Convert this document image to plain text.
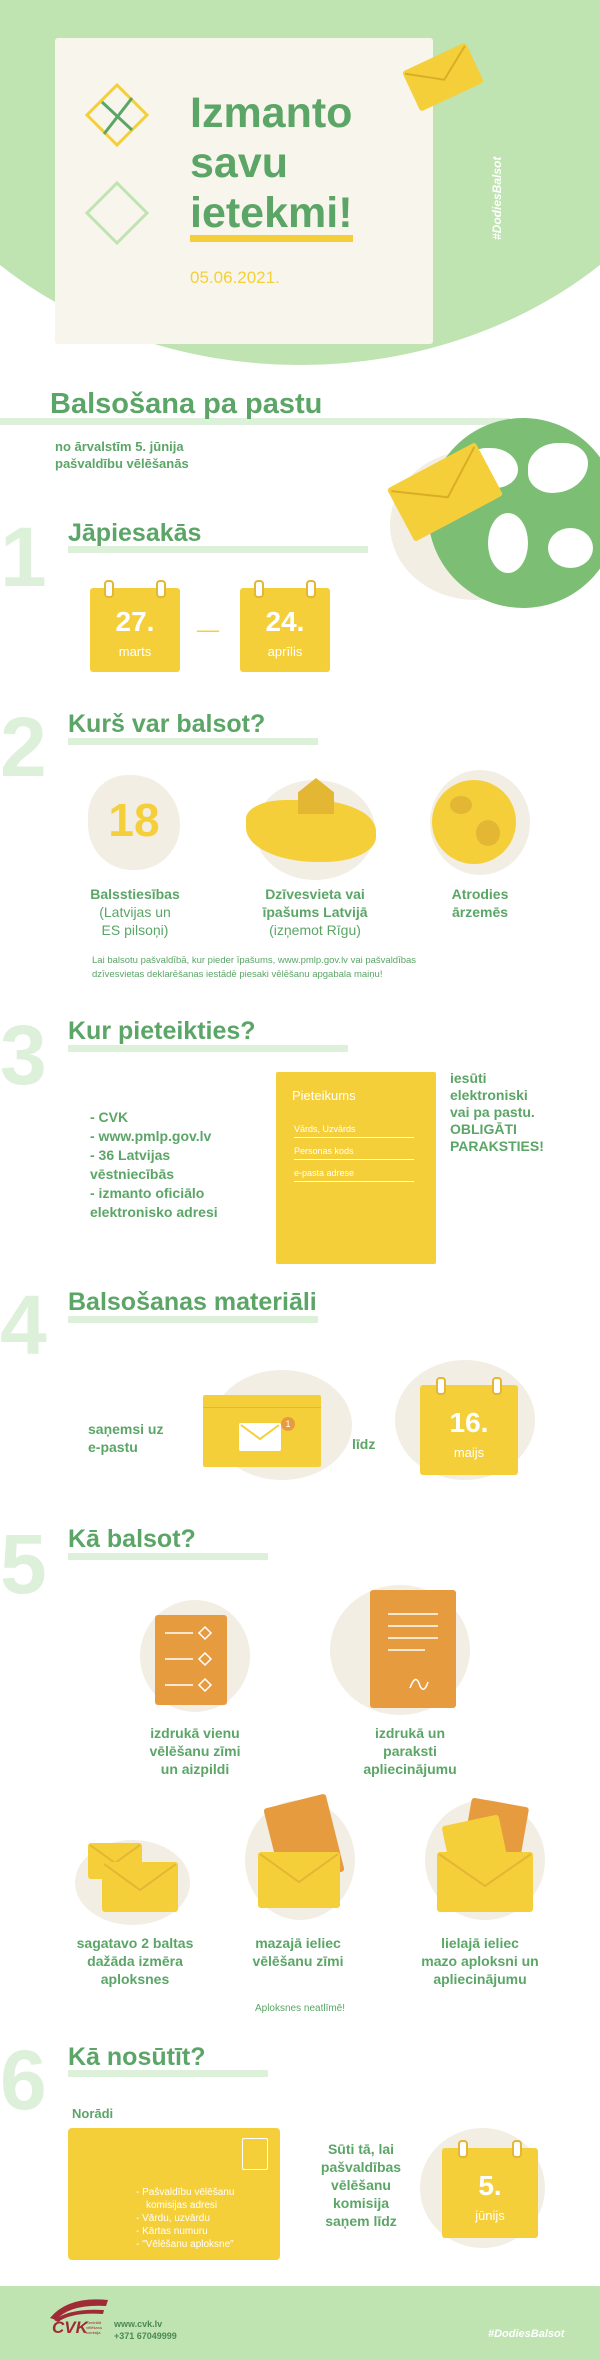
Izmanto
savu
ietekmi!
05.06.2021.
#DodiesBalsot
Balsošana pa pastu
no ārvalstīm 5. jūnija
pašvaldību vēlēšanās
1 Jāpiesakās
27.
marts
—	24.
aprīlis
2 Kurš var balsot?
18
Balsstiesības
(Latvijas un
ES pilsoņi)
Dzīvesvieta vai
īpašums Latvijā
(izņemot Rīgu)
Atrodies
ārzemēs
Lai balsotu pašvaldībā, kur pieder īpašums, www.pmlp.gov.lv vai pašvaldības
dzīvesvietas deklarēšanas iestādē piesaki vēlēšanu apgabala maiņu!
3 Kur pieteikties?
- CVK
- www.pmlp.gov.lv
- 36 Latvijas
vēstniecībās
- izmanto oficiālo
elektronisko adresi
Pieteikums
Vārds, Uzvārds
Personas kods
e-pasta adrese
iesūti
elektroniski
vai pa pastu.
OBLIGĀTI
PARAKSTIES!
4 Balsošanas materiāli
saņemsi uz
e-pastu
1
līdz
16.
maijs
5 Kā balsot?
izdrukā vienu
vēlēšanu zīmi
un aizpildi
izdrukā un
paraksti
apliecinājumu
sagatavo 2 baltas
dažāda izmēra
aploksnes
mazajā ieliec
vēlēšanu zīmi
lielajā ieliec
mazo aploksni un
apliecinājumu
Aploksnes neatlīmē!
6 Kā nosūtīt?
Norādi
- Pašvaldību vēlēšanu
komisijas adresi
- Vārdu, uzvārdu
- Kārtas numuru
- "Vēlēšanu aploksne"
Sūti tā, lai
pašvaldības
vēlēšanu
komisija
saņem līdz
5.
jūnijs
CVK
Centrālā vēlēšanu komisija
www.cvk.lv
+371 67049999	#DodiesBalsot
